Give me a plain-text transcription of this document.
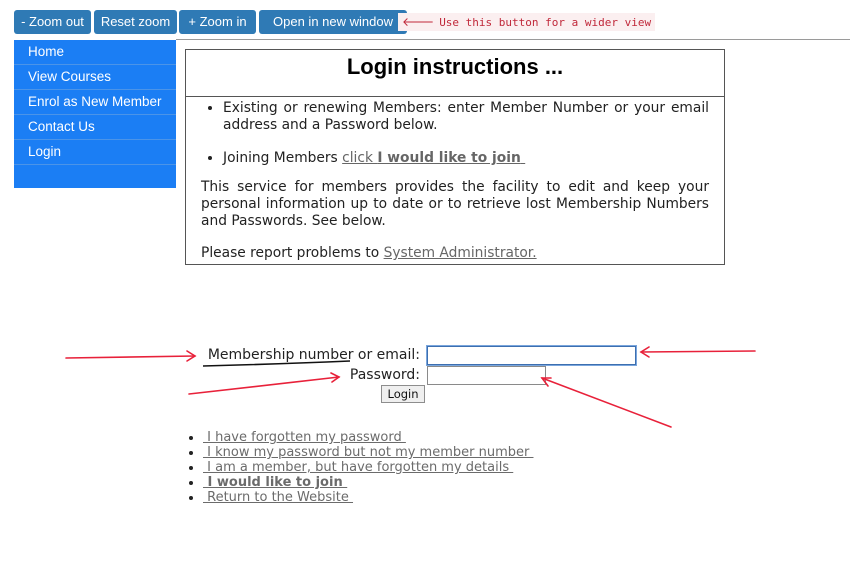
- Zoom out	Reset zoom	+ Zoom in	Open in new window 🡐 Use this button for a wider view
Home
View Courses
Enrol as New Member
Contact Us
Login
Login instructions ...
• Existing or renewing Members: enter Member Number or your email address and a Password below.
• Joining Members click I would like to join

This service for members provides the facility to edit and keep your personal information up to date or to retrieve lost Membership Numbers and Passwords. See below.

Please report problems to System Administrator.

Membership number or email:
Password:
Login
•  I have forgotten my password
•  I know my password but not my member number
•  I am a member, but have forgotten my details
•  I would like to join
•  Return to the Website
